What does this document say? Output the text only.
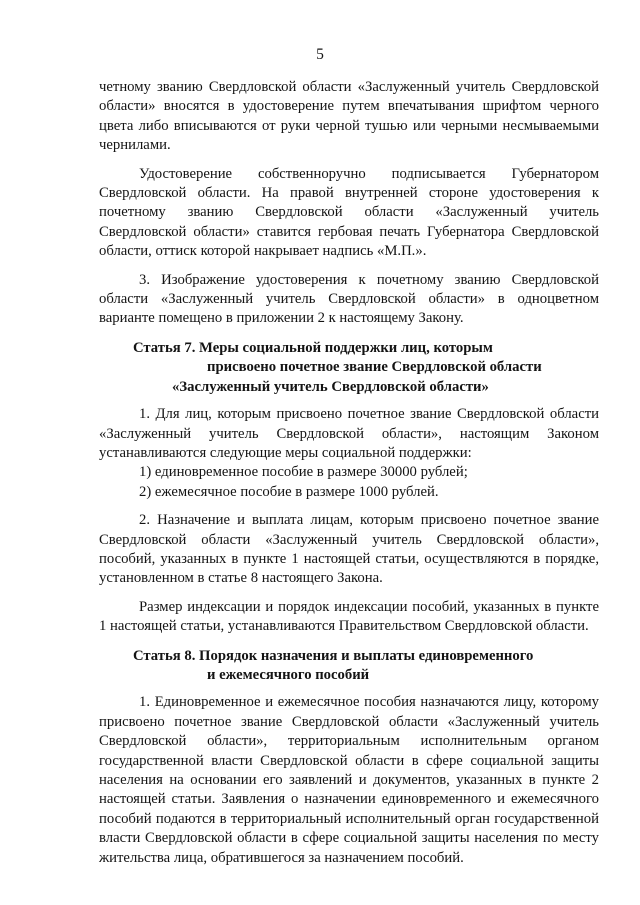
5

четному званию Свердловской области «Заслуженный учитель Свердловской области» вносятся в удостоверение путем впечатывания шрифтом черного цвета либо вписываются от руки черной тушью или черными несмываемыми чернилами.

Удостоверение собственноручно подписывается Губернатором Свердловской области. На правой внутренней стороне удостоверения к почетному званию Свердловской области «Заслуженный учитель Свердловской области» ставится гербовая печать Губернатора Свердловской области, оттиск которой накрывает надпись «М.П.».

3. Изображение удостоверения к почетному званию Свердловской области «Заслуженный учитель Свердловской области» в одноцветном варианте помещено в приложении 2 к настоящему Закону.

Статья 7. Меры социальной поддержки лиц, которым
присвоено почетное звание Свердловской области
«Заслуженный учитель Свердловской области»

1. Для лиц, которым присвоено почетное звание Свердловской области «Заслуженный учитель Свердловской области», настоящим Законом устанавливаются следующие меры социальной поддержки:

1) единовременное пособие в размере 30000 рублей;

2) ежемесячное пособие в размере 1000 рублей.

2. Назначение и выплата лицам, которым присвоено почетное звание Свердловской области «Заслуженный учитель Свердловской области», пособий, указанных в пункте 1 настоящей статьи, осуществляются в порядке, установленном в статье 8 настоящего Закона.

Размер индексации и порядок индексации пособий, указанных в пункте 1 настоящей статьи, устанавливаются Правительством Свердловской области.

Статья 8. Порядок назначения и выплаты единовременного
и ежемесячного пособий

1. Единовременное и ежемесячное пособия назначаются лицу, которому присвоено почетное звание Свердловской области «Заслуженный учитель Свердловской области», территориальным исполнительным органом государственной власти Свердловской области в сфере социальной защиты населения на основании его заявлений и документов, указанных в пункте 2 настоящей статьи. Заявления о назначении единовременного и ежемесячного пособий подаются в территориальный исполнительный орган государственной власти Свердловской области в сфере социальной защиты населения по месту жительства лица, обратившегося за назначением пособий.
